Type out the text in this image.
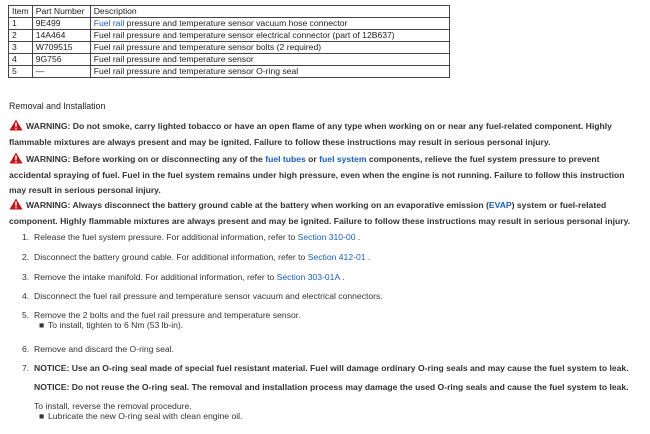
Item	Part Number	Description
1	9E499	Fuel rail pressure and temperature sensor vacuum hose connector
2	14A464	Fuel rail pressure and temperature sensor electrical connector (part of 12B637)
3	W709515	Fuel rail pressure and temperature sensor bolts (2 required)
4	9G756	Fuel rail pressure and temperature sensor
5	—	Fuel rail pressure and temperature sensor O-ring seal
Removal and Installation
WARNING: Do not smoke, carry lighted tobacco or have an open flame of any type when working on or near any fuel-related component. Highly flammable mixtures are always present and may be ignited. Failure to follow these instructions may result in serious personal injury.
WARNING: Before working on or disconnecting any of the fuel tubes or fuel system components, relieve the fuel system pressure to prevent accidental spraying of fuel. Fuel in the fuel system remains under high pressure, even when the engine is not running. Failure to follow this instruction may result in serious personal injury.
WARNING: Always disconnect the battery ground cable at the battery when working on an evaporative emission (EVAP) system or fuel-related component. Highly flammable mixtures are always present and may be ignited. Failure to follow these instructions may result in serious personal injury.
1. Release the fuel system pressure. For additional information, refer to Section 310-00 .
2. Disconnect the battery ground cable. For additional information, refer to Section 412-01 .
3. Remove the intake manifold. For additional information, refer to Section 303-01A .
4. Disconnect the fuel rail pressure and temperature sensor vacuum and electrical connectors.
5. Remove the 2 bolts and the fuel rail pressure and temperature sensor.
■ To install, tighten to 6 Nm (53 lb-in).
6. Remove and discard the O-ring seal.
7. NOTICE: Use an O-ring seal made of special fuel resistant material. Fuel will damage ordinary O-ring seals and may cause the fuel system to leak.
NOTICE: Do not reuse the O-ring seal. The removal and installation process may damage the used O-ring seals and cause the fuel system to leak.
To install, reverse the removal procedure.
■ Lubricate the new O-ring seal with clean engine oil.
